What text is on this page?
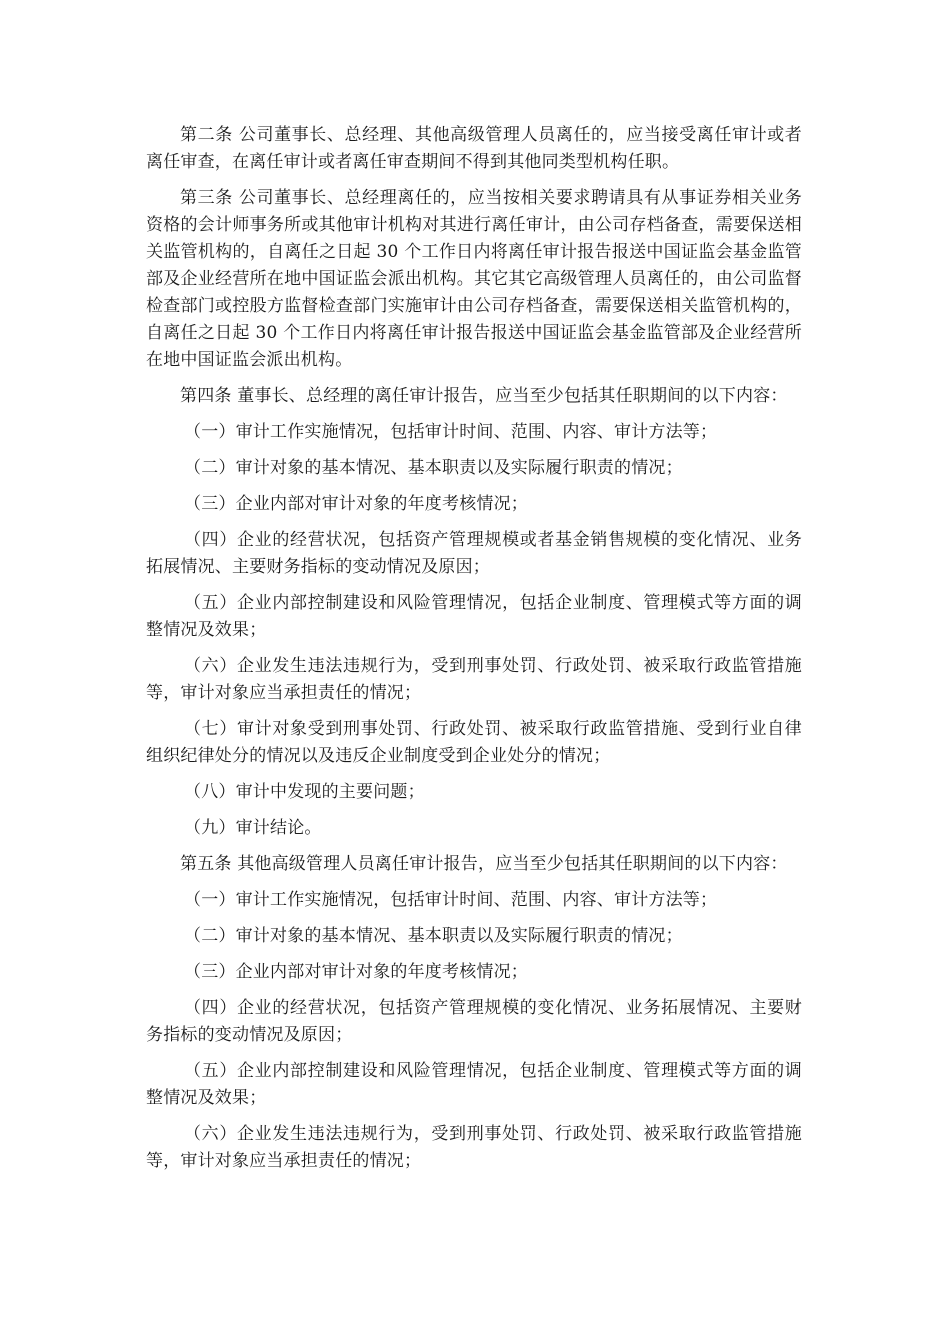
第二条 公司董事长、总经理、其他高级管理人员离任的，应当接受离任审计或者离任审查，在离任审计或者离任审查期间不得到其他同类型机构任职。

第三条 公司董事长、总经理离任的，应当按相关要求聘请具有从事证券相关业务资格的会计师事务所或其他审计机构对其进行离任审计，由公司存档备查，需要保送相关监管机构的，自离任之日起 30 个工作日内将离任审计报告报送中国证监会基金监管部及企业经营所在地中国证监会派出机构。其它其它高级管理人员离任的，由公司监督检查部门或控股方监督检查部门实施审计由公司存档备查，需要保送相关监管机构的，自离任之日起 30 个工作日内将离任审计报告报送中国证监会基金监管部及企业经营所在地中国证监会派出机构。

第四条 董事长、总经理的离任审计报告，应当至少包括其任职期间的以下内容：

（一）审计工作实施情况，包括审计时间、范围、内容、审计方法等；

（二）审计对象的基本情况、基本职责以及实际履行职责的情况；

（三）企业内部对审计对象的年度考核情况；

（四）企业的经营状况，包括资产管理规模或者基金销售规模的变化情况、业务拓展情况、主要财务指标的变动情况及原因；

（五）企业内部控制建设和风险管理情况，包括企业制度、管理模式等方面的调整情况及效果；

（六）企业发生违法违规行为，受到刑事处罚、行政处罚、被采取行政监管措施等，审计对象应当承担责任的情况；

（七）审计对象受到刑事处罚、行政处罚、被采取行政监管措施、受到行业自律组织纪律处分的情况以及违反企业制度受到企业处分的情况；

（八）审计中发现的主要问题；

（九）审计结论。

第五条 其他高级管理人员离任审计报告，应当至少包括其任职期间的以下内容：

（一）审计工作实施情况，包括审计时间、范围、内容、审计方法等；

（二）审计对象的基本情况、基本职责以及实际履行职责的情况；

（三）企业内部对审计对象的年度考核情况；

（四）企业的经营状况，包括资产管理规模的变化情况、业务拓展情况、主要财务指标的变动情况及原因；

（五）企业内部控制建设和风险管理情况，包括企业制度、管理模式等方面的调整情况及效果；

（六）企业发生违法违规行为，受到刑事处罚、行政处罚、被采取行政监管措施等，审计对象应当承担责任的情况；
